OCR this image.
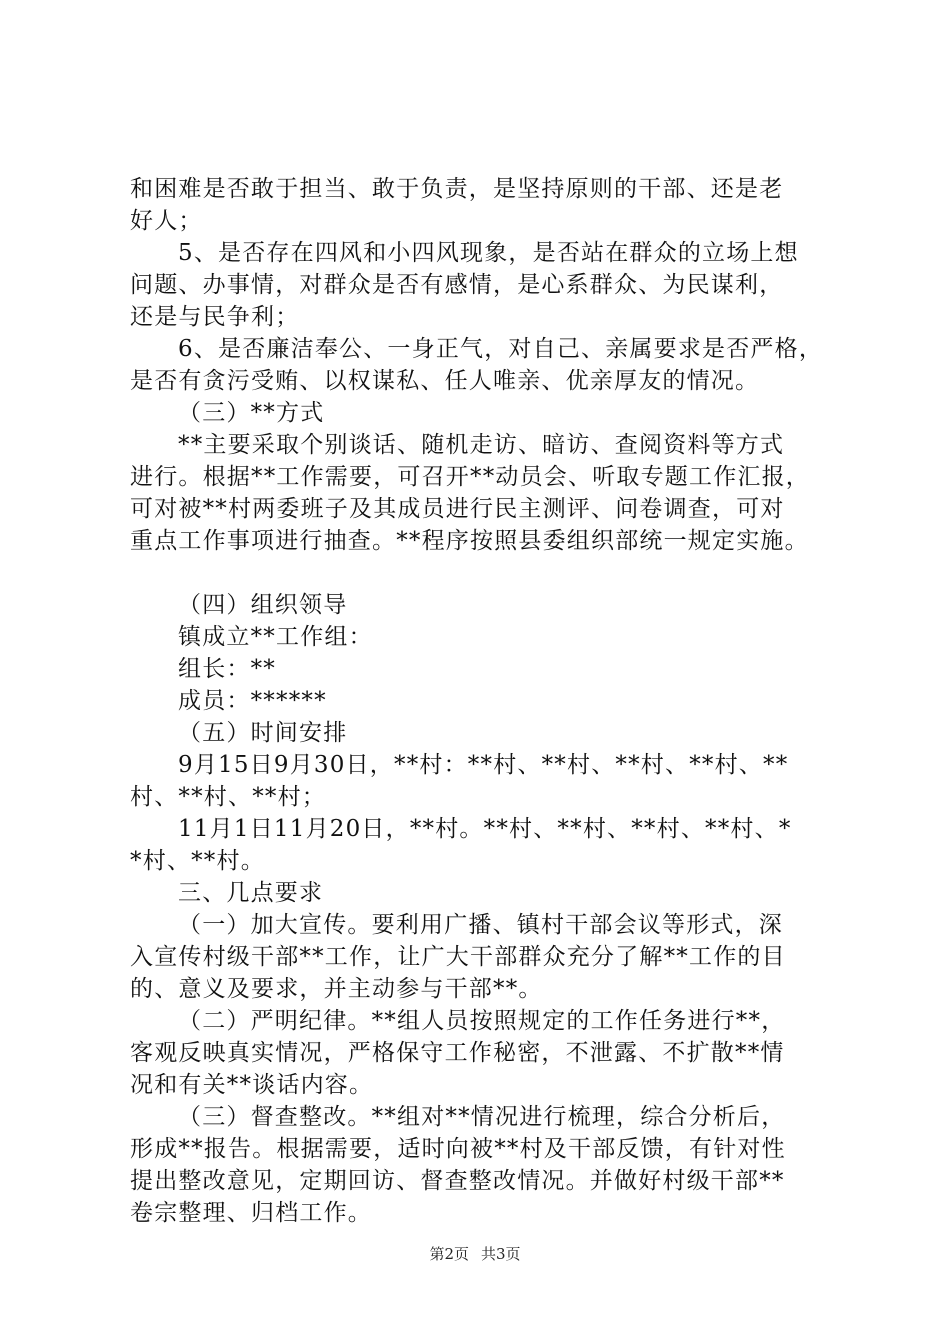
和困难是否敢于担当、敢于负责，是坚持原则的干部、还是老
好人；
5、是否存在四风和小四风现象，是否站在群众的立场上想
问题、办事情，对群众是否有感情，是心系群众、为民谋利，
还是与民争利；
6、是否廉洁奉公、一身正气，对自己、亲属要求是否严格，
是否有贪污受贿、以权谋私、任人唯亲、优亲厚友的情况。
（三）**方式
**主要采取个别谈话、随机走访、暗访、查阅资料等方式
进行。根据**工作需要，可召开**动员会、听取专题工作汇报，
可对被**村两委班子及其成员进行民主测评、问卷调查，可对
重点工作事项进行抽查。**程序按照县委组织部统一规定实施。
（四）组织领导
镇成立**工作组：
组长：**
成员：******
（五）时间安排
9月15日9月30日，**村：**村、**村、**村、**村、**
村、**村、**村；
11月1日11月20日，**村。**村、**村、**村、**村、*
*村、**村。
三、几点要求
（一）加大宣传。要利用广播、镇村干部会议等形式，深
入宣传村级干部**工作，让广大干部群众充分了解**工作的目
的、意义及要求，并主动参与干部**。
（二）严明纪律。**组人员按照规定的工作任务进行**，
客观反映真实情况，严格保守工作秘密，不泄露、不扩散**情
况和有关**谈话内容。
（三）督查整改。**组对**情况进行梳理，综合分析后，
形成**报告。根据需要，适时向被**村及干部反馈，有针对性
提出整改意见，定期回访、督查整改情况。并做好村级干部**
卷宗整理、归档工作。
第2页 共3页
